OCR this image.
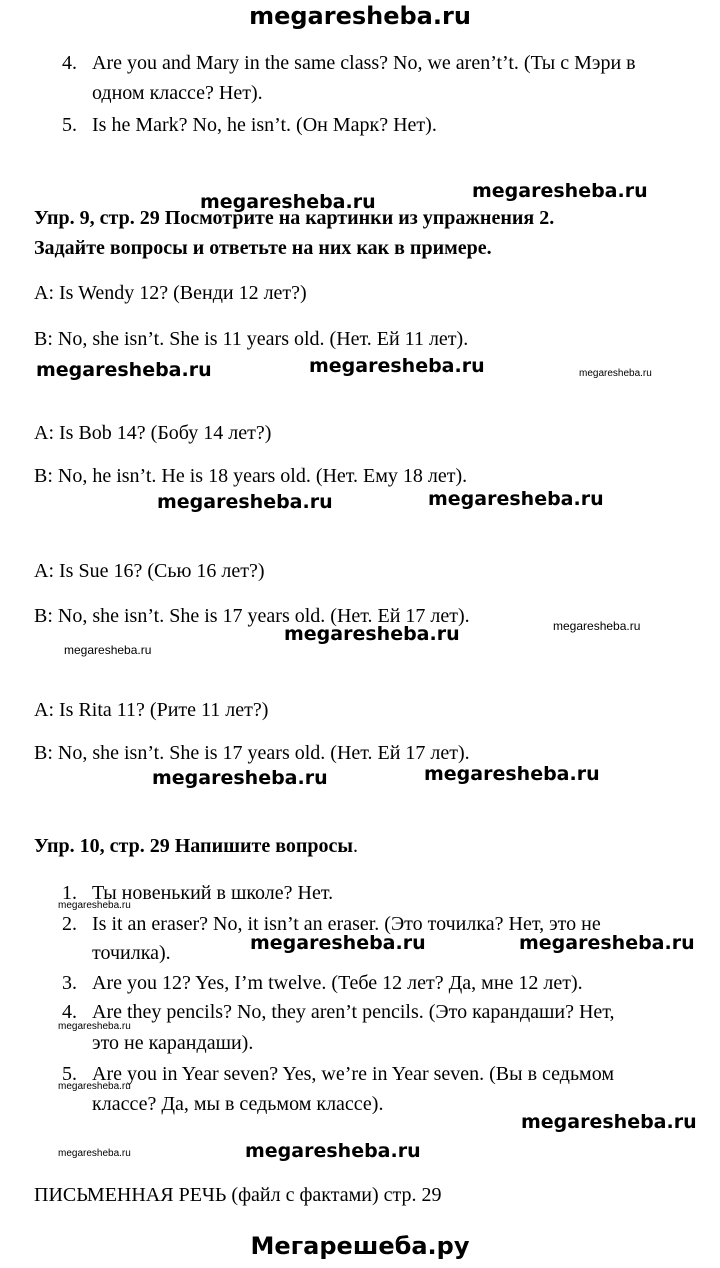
megaresheba.ru
4. Are you and Mary in the same class? No, we aren’t’t. (Ты с Мэри в
одном классе? Нет).
5. Is he Mark? No, he isn’t. (Он Марк? Нет).
Упр. 9, стр. 29 Посмотрите на картинки из упражнения 2.
Задайте вопросы и ответьте на них как в примере.
A: Is Wendy 12? (Венди 12 лет?)
B: No, she isn’t. She is 11 years old. (Нет. Ей 11 лет).
A: Is Bob 14? (Бобу 14 лет?)
B: No, he isn’t. He is 18 years old. (Нет. Ему 18 лет).
A: Is Sue 16? (Сью 16 лет?)
B: No, she isn’t. She is 17 years old. (Нет. Ей 17 лет).
A: Is Rita 11? (Рите 11 лет?)
B: No, she isn’t. She is 17 years old. (Нет. Ей 17 лет).
Упр. 10, стр. 29 Напишите вопросы.
1. Ты новенький в школе? Нет.
2. Is it an eraser? No, it isn’t an eraser. (Это точилка? Нет, это не
точилка).
3. Are you 12? Yes, I’m twelve. (Тебе 12 лет? Да, мне 12 лет).
4. Are they pencils? No, they aren’t pencils. (Это карандаши? Нет,
это не карандаши).
5. Are you in Year seven? Yes, we’re in Year seven. (Вы в седьмом
классе? Да, мы в седьмом классе).
ПИСЬМЕННАЯ РЕЧЬ (файл с фактами) стр. 29
megaresheba.ru	megaresheba.ru
megaresheba.ru	megaresheba.ru	megaresheba.ru
megaresheba.ru	megaresheba.ru
megaresheba.ru
megaresheba.ru
megaresheba.ru
megaresheba.ru	megaresheba.ru
megaresheba.ru
megaresheba.ru	megaresheba.ru
megaresheba.ru
megaresheba.ru
megaresheba.ru
megaresheba.ru
megaresheba.ru
Мегарешеба.ру
